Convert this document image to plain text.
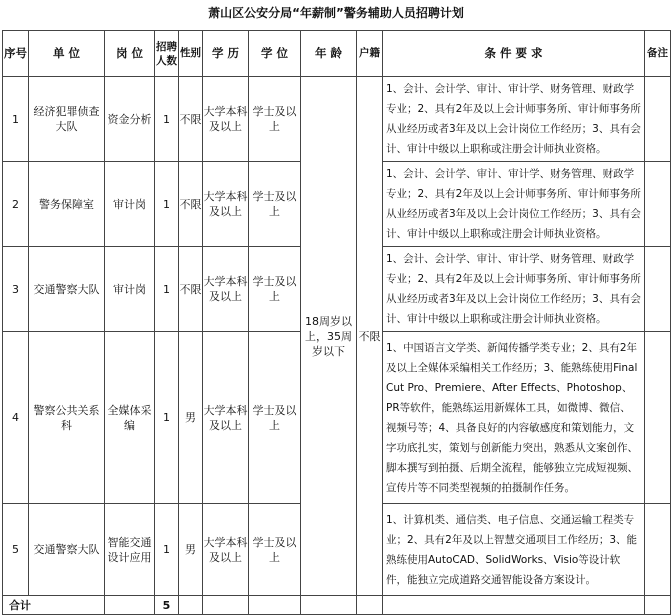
萧山区公安分局“年薪制”警务辅助人员招聘计划
序号	单 位	岗 位	招聘人数	性别	学 历	学 位	年 龄	户籍	条 件 要 求	备注
1	经济犯罪侦查大队	资金分析	1	不限	大学本科及以上	学士及以上	18周岁以上，35周岁以下	不限	1、会计、会计学、审计、审计学、财务管理、财政学专业；2、具有2年及以上会计师事务所、审计师事务所从业经历或者3年及以上会计岗位工作经历；3、具有会计、审计中级以上职称或注册会计师执业资格。	
2	警务保障室	审计岗	1	不限	大学本科及以上	学士及以上			1、会计、会计学、审计、审计学、财务管理、财政学专业；2、具有2年及以上会计师事务所、审计师事务所从业经历或者3年及以上会计岗位工作经历；3、具有会计、审计中级以上职称或注册会计师执业资格。	
3	交通警察大队	审计岗	1	不限	大学本科及以上	学士及以上			1、会计、会计学、审计、审计学、财务管理、财政学专业；2、具有2年及以上会计师事务所、审计师事务所从业经历或者3年及以上会计岗位工作经历；3、具有会计、审计中级以上职称或注册会计师执业资格。	
4	警察公共关系科	全媒体采编	1	男	大学本科及以上	学士及以上			1、中国语言文学类、新闻传播学类专业；2、具有2年及以上全媒体采编相关工作经历；3、能熟练使用Final Cut Pro、Premiere、After Effects、Photoshop、PR等软件，能熟练运用新媒体工具，如微博、微信、视频号等；4、具备良好的内容敏感度和策划能力，文字功底扎实，策划与创新能力突出，熟悉从文案创作、脚本撰写到拍摄、后期全流程，能够独立完成短视频、宣传片等不同类型视频的拍摄制作任务。	
5	交通警察大队	智能交通设计应用	1	男	大学本科及以上	学士及以上			1、计算机类、通信类、电子信息、交通运输工程类专业；2、具有2年及以上智慧交通项目工作经历；3、能熟练使用AutoCAD、SolidWorks、Visio等设计软件，能独立完成道路交通智能设备方案设计。	
合计			5							
